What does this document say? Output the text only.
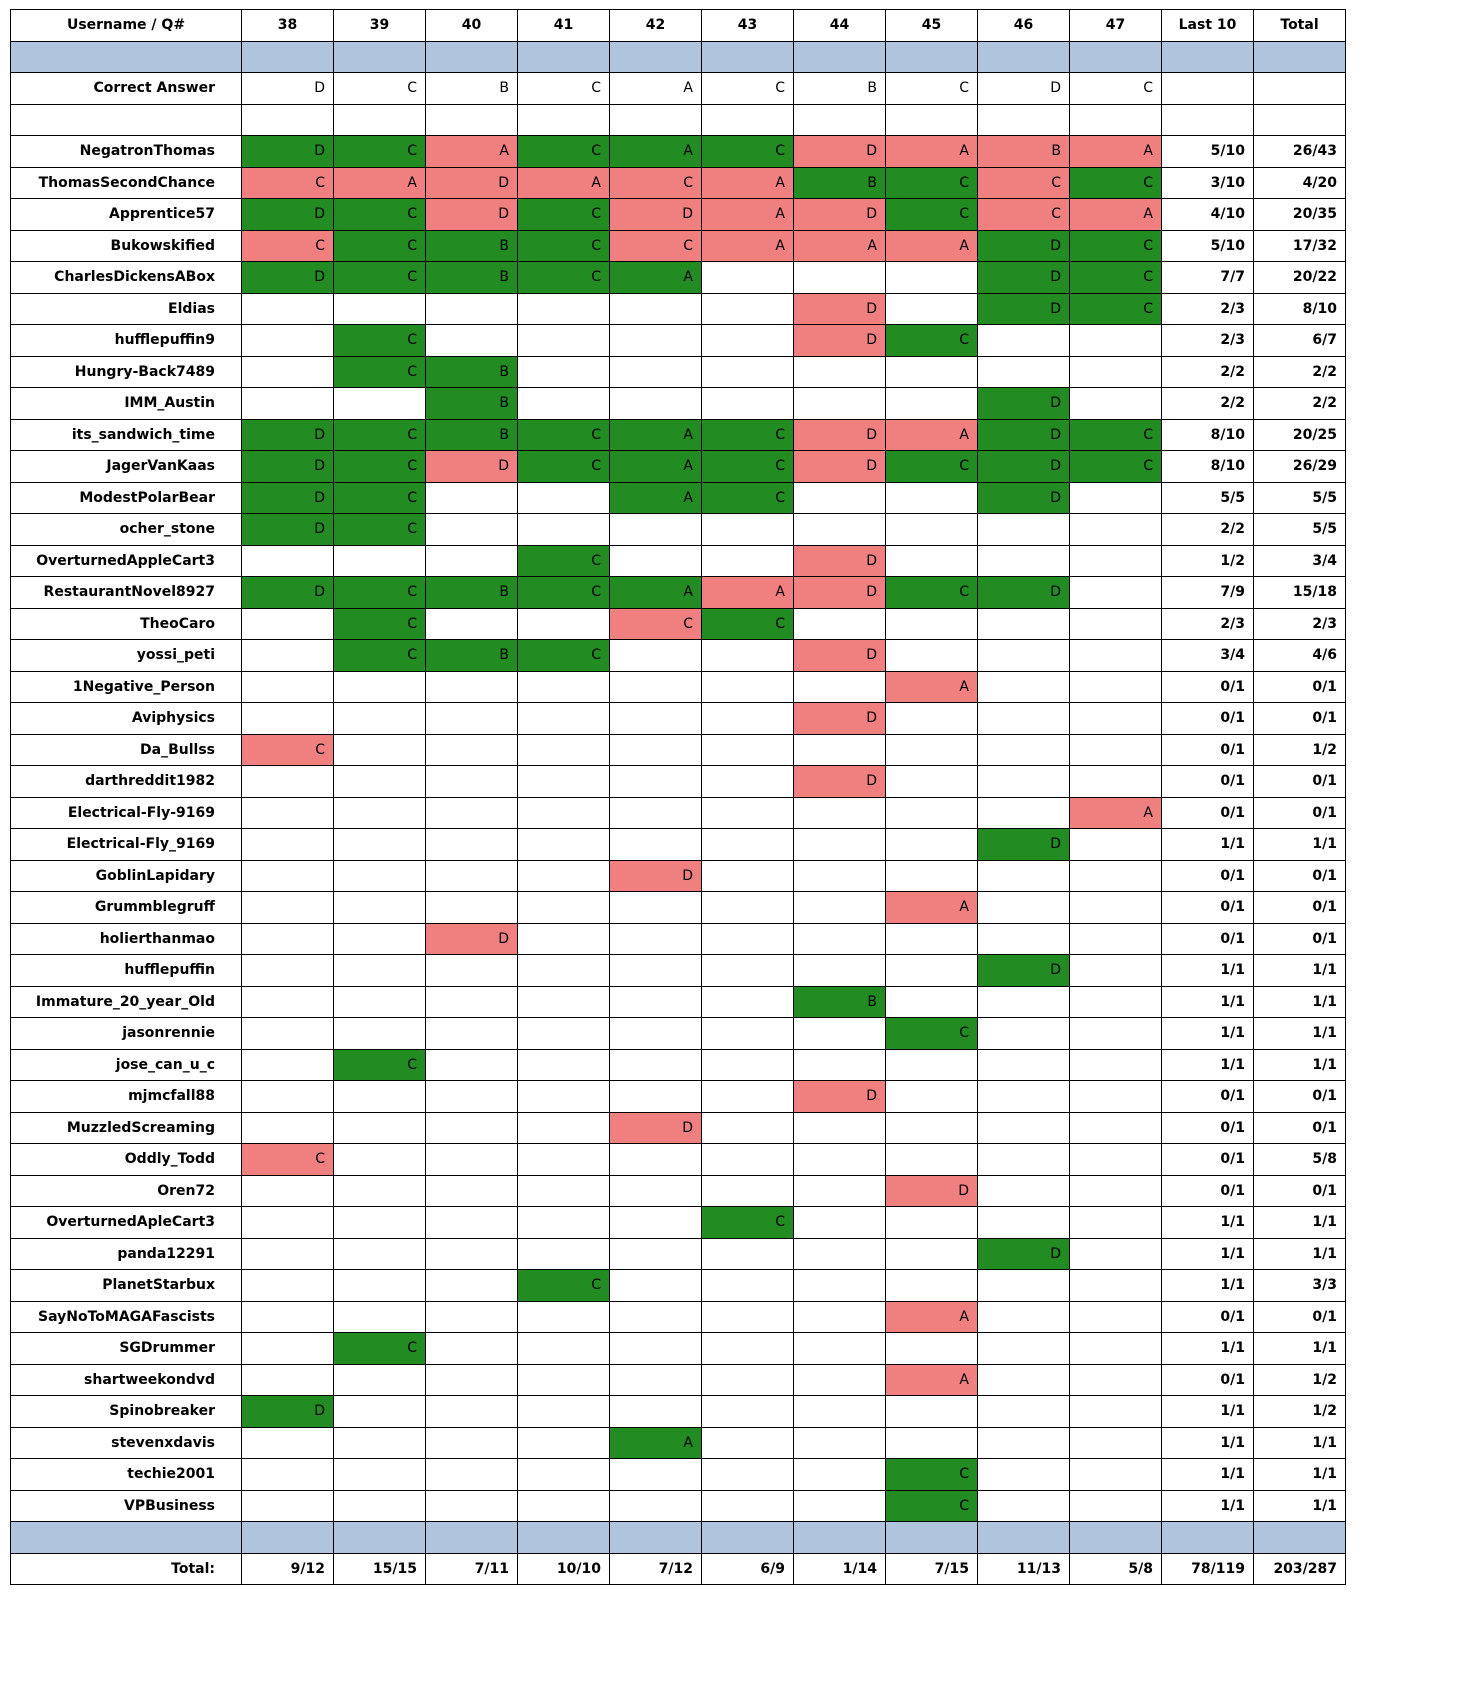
Username / Q#	38	39	40	41	42	43	44	45	46	47	Last 10	Total

Correct Answer	D	C	B	C	A	C	B	C	D	C		

NegatronThomas	D	C	A	C	A	C	D	A	B	A	5/10	26/43
ThomasSecondChance	C	A	D	A	C	A	B	C	C	C	3/10	4/20
Apprentice57	D	C	D	C	D	A	D	C	C	A	4/10	20/35
Bukowskified	C	C	B	C	C	A	A	A	D	C	5/10	17/32
CharlesDickensABox	D	C	B	C	A				D	C	7/7	20/22
Eldias							D		D	C	2/3	8/10
hufflepuffin9		C					D	C			2/3	6/7
Hungry-Back7489		C	B								2/2	2/2
IMM_Austin			B						D		2/2	2/2
its_sandwich_time	D	C	B	C	A	C	D	A	D	C	8/10	20/25
JagerVanKaas	D	C	D	C	A	C	D	C	D	C	8/10	26/29
ModestPolarBear	D	C			A	C			D		5/5	5/5
ocher_stone	D	C									2/2	5/5
OverturnedAppleCart3				C			D				1/2	3/4
RestaurantNovel8927	D	C	B	C	A	A	D	C	D		7/9	15/18
TheoCaro		C			C	C					2/3	2/3
yossi_peti		C	B	C			D				3/4	4/6
1Negative_Person								A			0/1	0/1
Aviphysics							D				0/1	0/1
Da_Bullss	C										0/1	1/2
darthreddit1982							D				0/1	0/1
Electrical-Fly-9169										A	0/1	0/1
Electrical-Fly_9169									D		1/1	1/1
GoblinLapidary					D						0/1	0/1
Grummblegruff								A			0/1	0/1
holierthanmao			D								0/1	0/1
hufflepuffin									D		1/1	1/1
Immature_20_year_Old							B				1/1	1/1
jasonrennie								C			1/1	1/1
jose_can_u_c		C									1/1	1/1
mjmcfall88							D				0/1	0/1
MuzzledScreaming					D						0/1	0/1
Oddly_Todd	C										0/1	5/8
Oren72								D			0/1	0/1
OverturnedApleCart3						C					1/1	1/1
panda12291									D		1/1	1/1
PlanetStarbux				C							1/1	3/3
SayNoToMAGAFascists								A			0/1	0/1
SGDrummer		C									1/1	1/1
shartweekondvd								A			0/1	1/2
Spinobreaker	D										1/1	1/2
stevenxdavis					A						1/1	1/1
techie2001								C			1/1	1/1
VPBusiness								C			1/1	1/1

Total:	9/12	15/15	7/11	10/10	7/12	6/9	1/14	7/15	11/13	5/8	78/119	203/287
